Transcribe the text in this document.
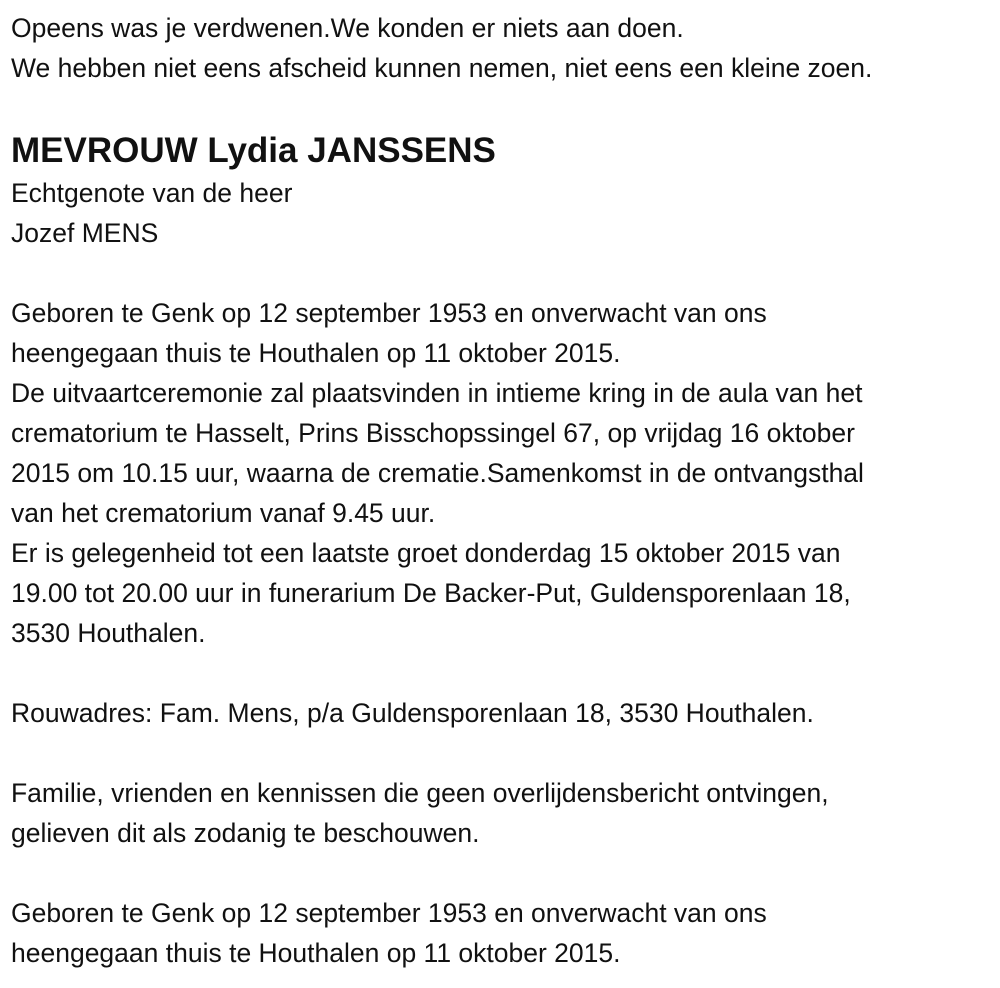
Opeens was je verdwenen.We konden er niets aan doen.
We hebben niet eens afscheid kunnen nemen, niet eens een kleine zoen.
MEVROUW Lydia JANSSENS
Echtgenote van de heer
Jozef MENS
Geboren te Genk op 12 september 1953 en onverwacht van ons
heengegaan thuis te Houthalen op 11 oktober 2015.
De uitvaartceremonie zal plaatsvinden in intieme kring in de aula van het
crematorium te Hasselt, Prins Bisschopssingel 67, op vrijdag 16 oktober
2015 om 10.15 uur, waarna de crematie.Samenkomst in de ontvangsthal
van het crematorium vanaf 9.45 uur.
Er is gelegenheid tot een laatste groet donderdag 15 oktober 2015 van
19.00 tot 20.00 uur in funerarium De Backer-Put, Guldensporenlaan 18,
3530 Houthalen.
Rouwadres: Fam. Mens, p/a Guldensporenlaan 18, 3530 Houthalen.
Familie, vrienden en kennissen die geen overlijdensbericht ontvingen,
gelieven dit als zodanig te beschouwen.
Geboren te Genk op 12 september 1953 en onverwacht van ons
heengegaan thuis te Houthalen op 11 oktober 2015.
